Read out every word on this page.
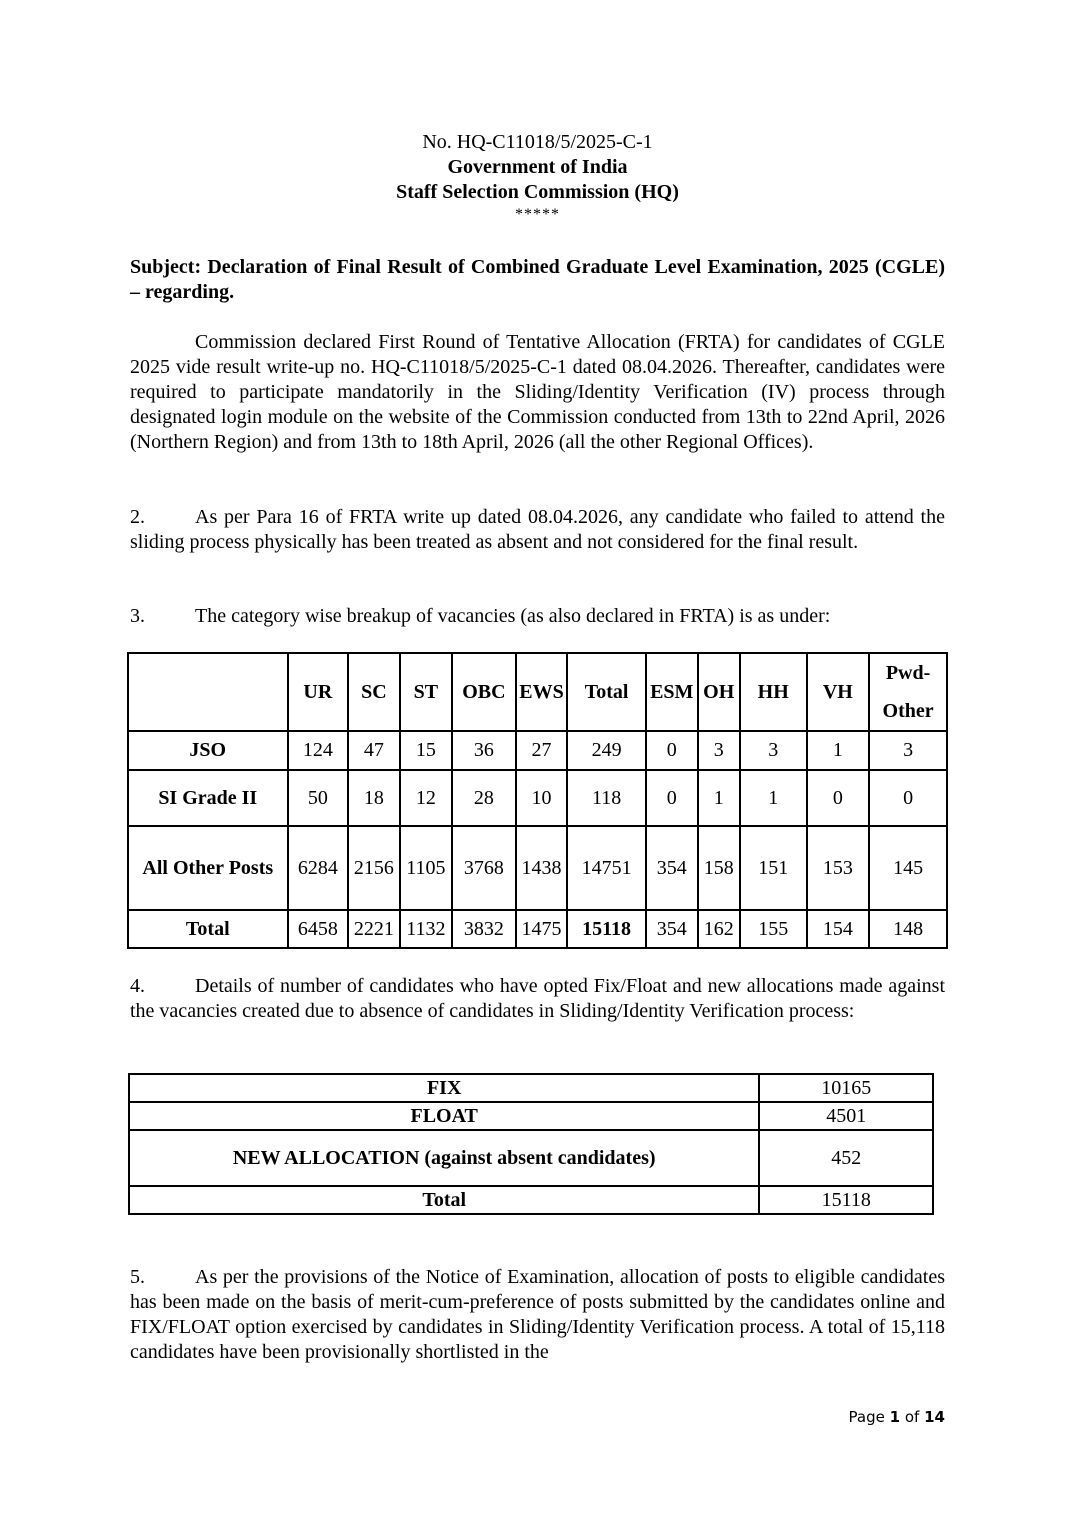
No. HQ-C11018/5/2025-C-1
Government of India
Staff Selection Commission (HQ)
*****

Subject: Declaration of Final Result of Combined Graduate Level Examination, 2025 (CGLE) – regarding.

Commission declared First Round of Tentative Allocation (FRTA) for candidates of CGLE 2025 vide result write-up no. HQ-C11018/5/2025-C-1 dated 08.04.2026. Thereafter, candidates were required to participate mandatorily in the Sliding/Identity Verification (IV) process through designated login module on the website of the Commission conducted from 13th to 22nd April, 2026 (Northern Region) and from 13th to 18th April, 2026 (all the other Regional Offices).

2.	As per Para 16 of FRTA write up dated 08.04.2026, any candidate who failed to attend the sliding process physically has been treated as absent and not considered for the final result.

3.	The category wise breakup of vacancies (as also declared in FRTA) is as under:

	UR	SC	ST	OBC	EWS	Total	ESM	OH	HH	VH	Pwd-
Other
JSO	124	47	15	36	27	249	0	3	3	1	3
SI Grade II	50	18	12	28	10	118	0	1	1	0	0
All Other Posts	6284	2156	1105	3768	1438	14751	354	158	151	153	145
Total	6458	2221	1132	3832	1475	15118	354	162	155	154	148

4.	Details of number of candidates who have opted Fix/Float and new allocations made against the vacancies created due to absence of candidates in Sliding/Identity Verification process:

FIX	10165
FLOAT	4501
NEW ALLOCATION (against absent candidates)	452
Total	15118

5.	As per the provisions of the Notice of Examination, allocation of posts to eligible candidates has been made on the basis of merit-cum-preference of posts submitted by the candidates online and FIX/FLOAT option exercised by candidates in Sliding/Identity Verification process. A total of 15,118 candidates have been provisionally shortlisted in the

Page 1 of 14
